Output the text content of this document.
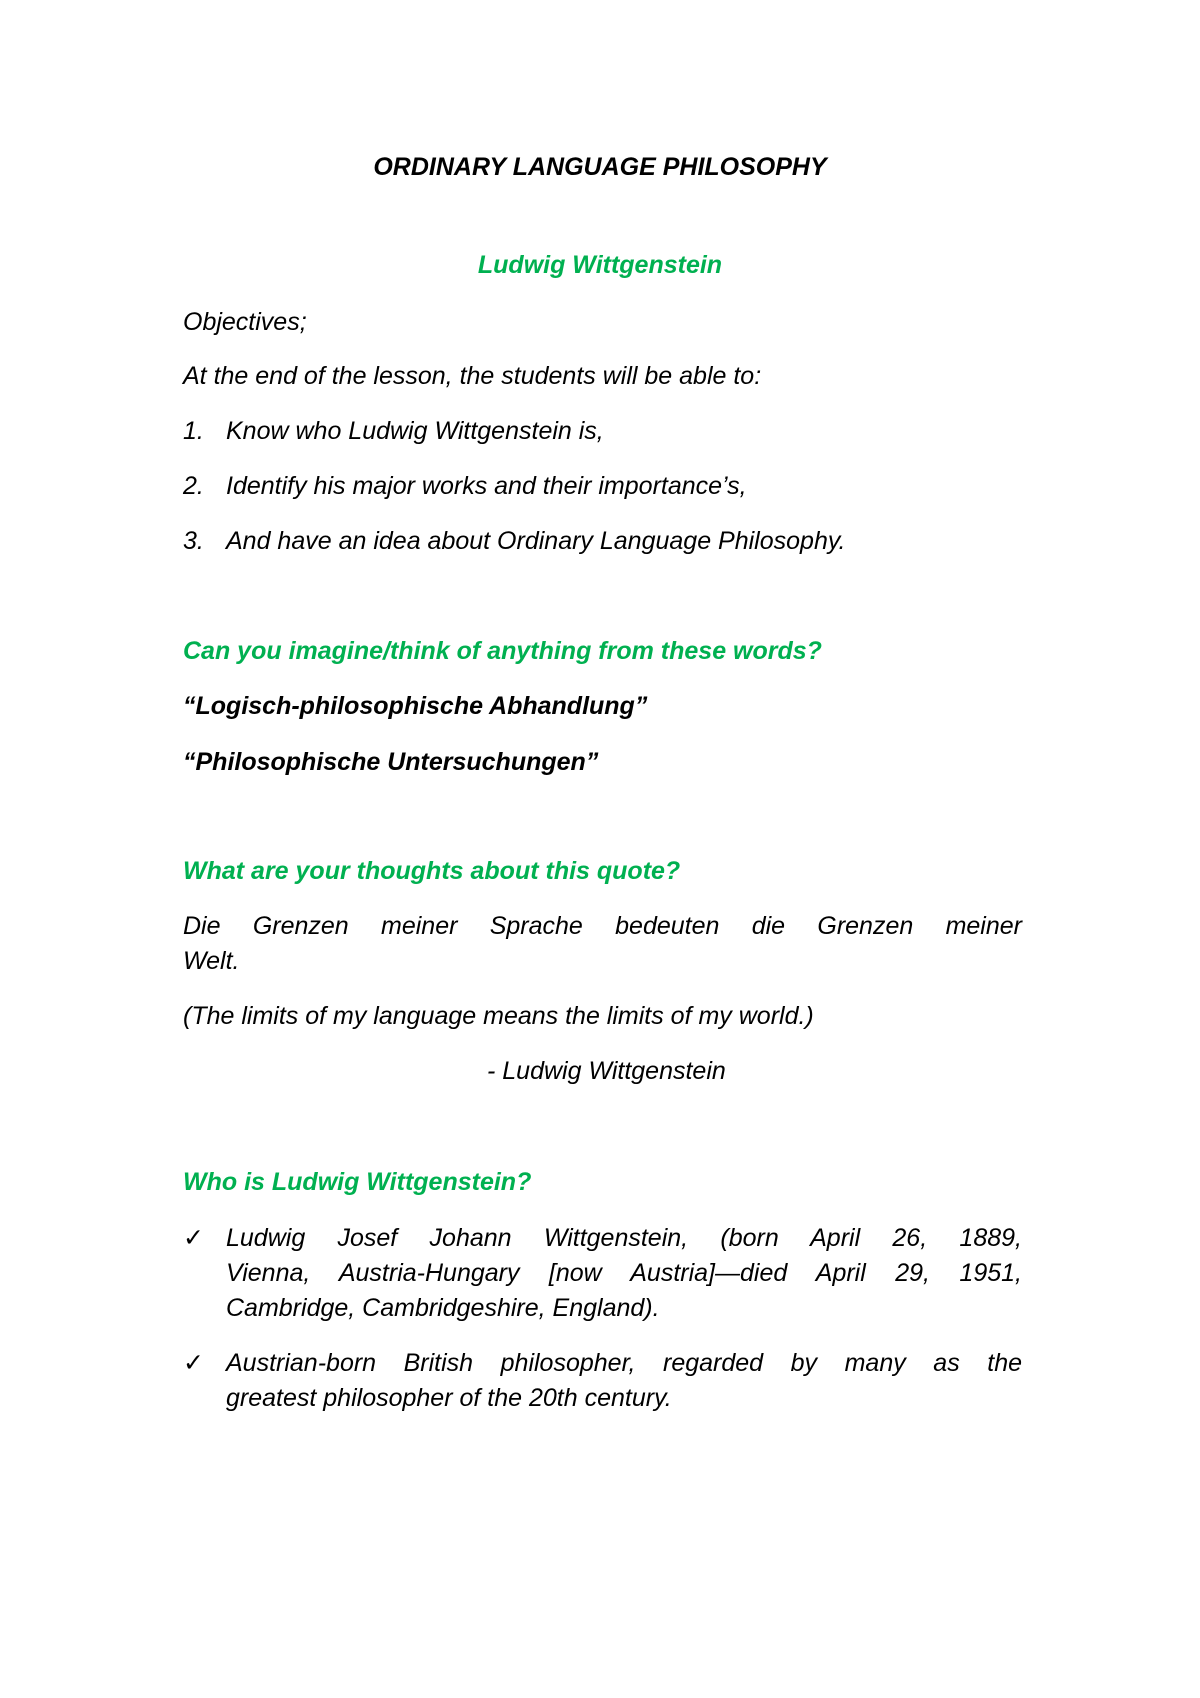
ORDINARY LANGUAGE PHILOSOPHY
Ludwig Wittgenstein
Objectives;
At the end of the lesson, the students will be able to:
1. Know who Ludwig Wittgenstein is,
2. Identify his major works and their importance’s,
3. And have an idea about Ordinary Language Philosophy.
Can you imagine/think of anything from these words?
“Logisch-philosophische Abhandlung”
“Philosophische Untersuchungen”
What are your thoughts about this quote?
Die Grenzen meiner Sprache bedeuten die Grenzen meiner
Welt.
(The limits of my language means the limits of my world.)
- Ludwig Wittgenstein
Who is Ludwig Wittgenstein?
✓ Ludwig Josef Johann Wittgenstein, (born April 26, 1889,
Vienna, Austria-Hungary [now Austria]—died April 29, 1951,
Cambridge, Cambridgeshire, England).
✓ Austrian-born British philosopher, regarded by many as the
greatest philosopher of the 20th century.
